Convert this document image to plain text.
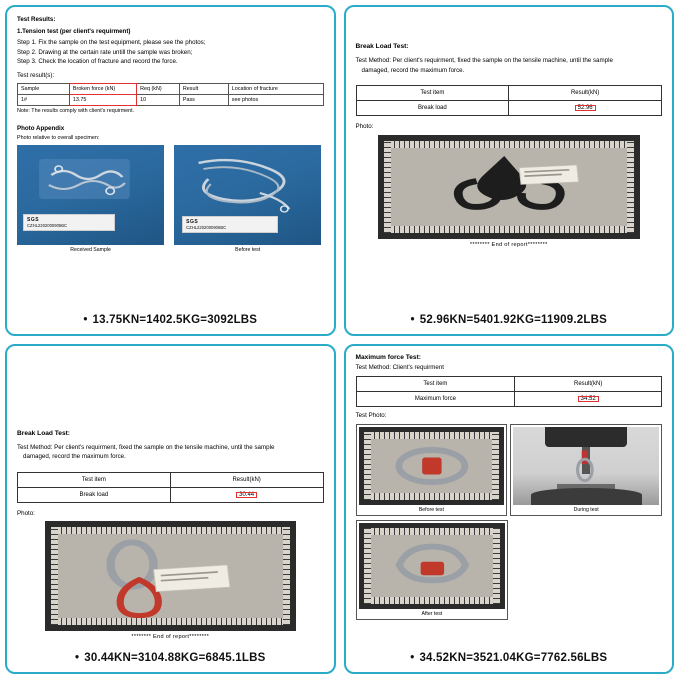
Test Results:
1.Tension test (per client's requirment)
Step 1. Fix the sample on the test equipment, please see the photos;
Step 2. Drawing at the certain rate untill the sample was broken;
Step 3. Check the location of fracture and record the force.
Test result(s):
Sample	Broken force (kN)	Req (kN)	Result	Location of fracture
1#	13.75	10	Pass	see photos
Note: The results comply with client's requirment.
Photo Appendix
Photo relative to overall specimen:
SGS
CZHL2202000905BC
Received Sample
SGS
CZHL2202000906BC
Before test
• 13.75KN=1402.5KG=3092LBS
Break Load Test:
Test Method: Per client's requirment, fixed the sample on the tensile machine, until the sample
damaged, record the maximum force.
Test item	Result(kN)
Break load	52.96
Photo:
******** End of report********
• 52.96KN=5401.92KG=11909.2LBS
Break Load Test:
Test Method: Per client's requirment, fixed the sample on the tensile machine, until the sample
damaged, record the maximum force.
Test item	Result(kN)
Break load	30.44
Photo:
******** End of report********
• 30.44KN=3104.88KG=6845.1LBS
Maximum force Test:
Test Method: Client's requirment
Test item	Result(kN)
Maximum force	34.52
Test Photo:
Before test	During test
After test
• 34.52KN=3521.04KG=7762.56LBS
